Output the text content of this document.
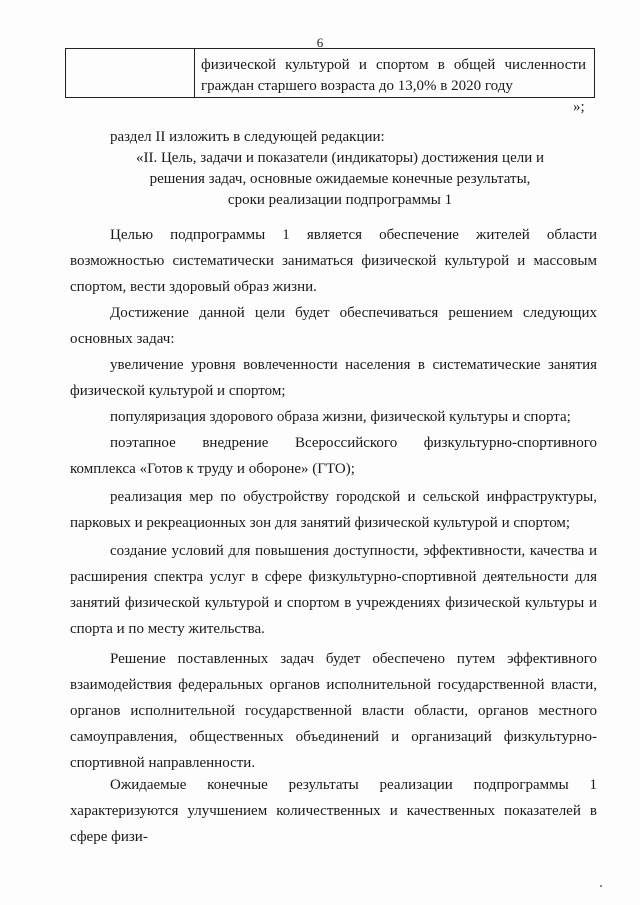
6
физической культурой и спортом в общей численности граждан старшего возраста до 13,0% в 2020 году
»;
раздел II изложить в следующей редакции:
«II. Цель, задачи и показатели (индикаторы) достижения цели и решения задач, основные ожидаемые конечные результаты, сроки реализации подпрограммы 1
Целью подпрограммы 1 является обеспечение жителей области возможностью систематически заниматься физической культурой и массовым спортом, вести здоровый образ жизни.
Достижение данной цели будет обеспечиваться решением следующих основных задач:
увеличение уровня вовлеченности населения в систематические занятия физической культурой и спортом;
популяризация здорового образа жизни, физической культуры и спорта;
поэтапное внедрение Всероссийского физкультурно-спортивного комплекса «Готов к труду и обороне» (ГТО);
реализация мер по обустройству городской и сельской инфраструктуры, парковых и рекреационных зон для занятий физической культурой и спортом;
создание условий для повышения доступности, эффективности, качества и расширения спектра услуг в сфере физкультурно-спортивной деятельности для занятий физической культурой и спортом в учреждениях физической культуры и спорта и по месту жительства.
Решение поставленных задач будет обеспечено путем эффективного взаимодействия федеральных органов исполнительной государственной власти, органов исполнительной государственной власти области, органов местного самоуправления, общественных объединений и организаций физкультурно-спортивной направленности.
Ожидаемые конечные результаты реализации подпрограммы 1 характеризуются улучшением количественных и качественных показателей в сфере физи-
